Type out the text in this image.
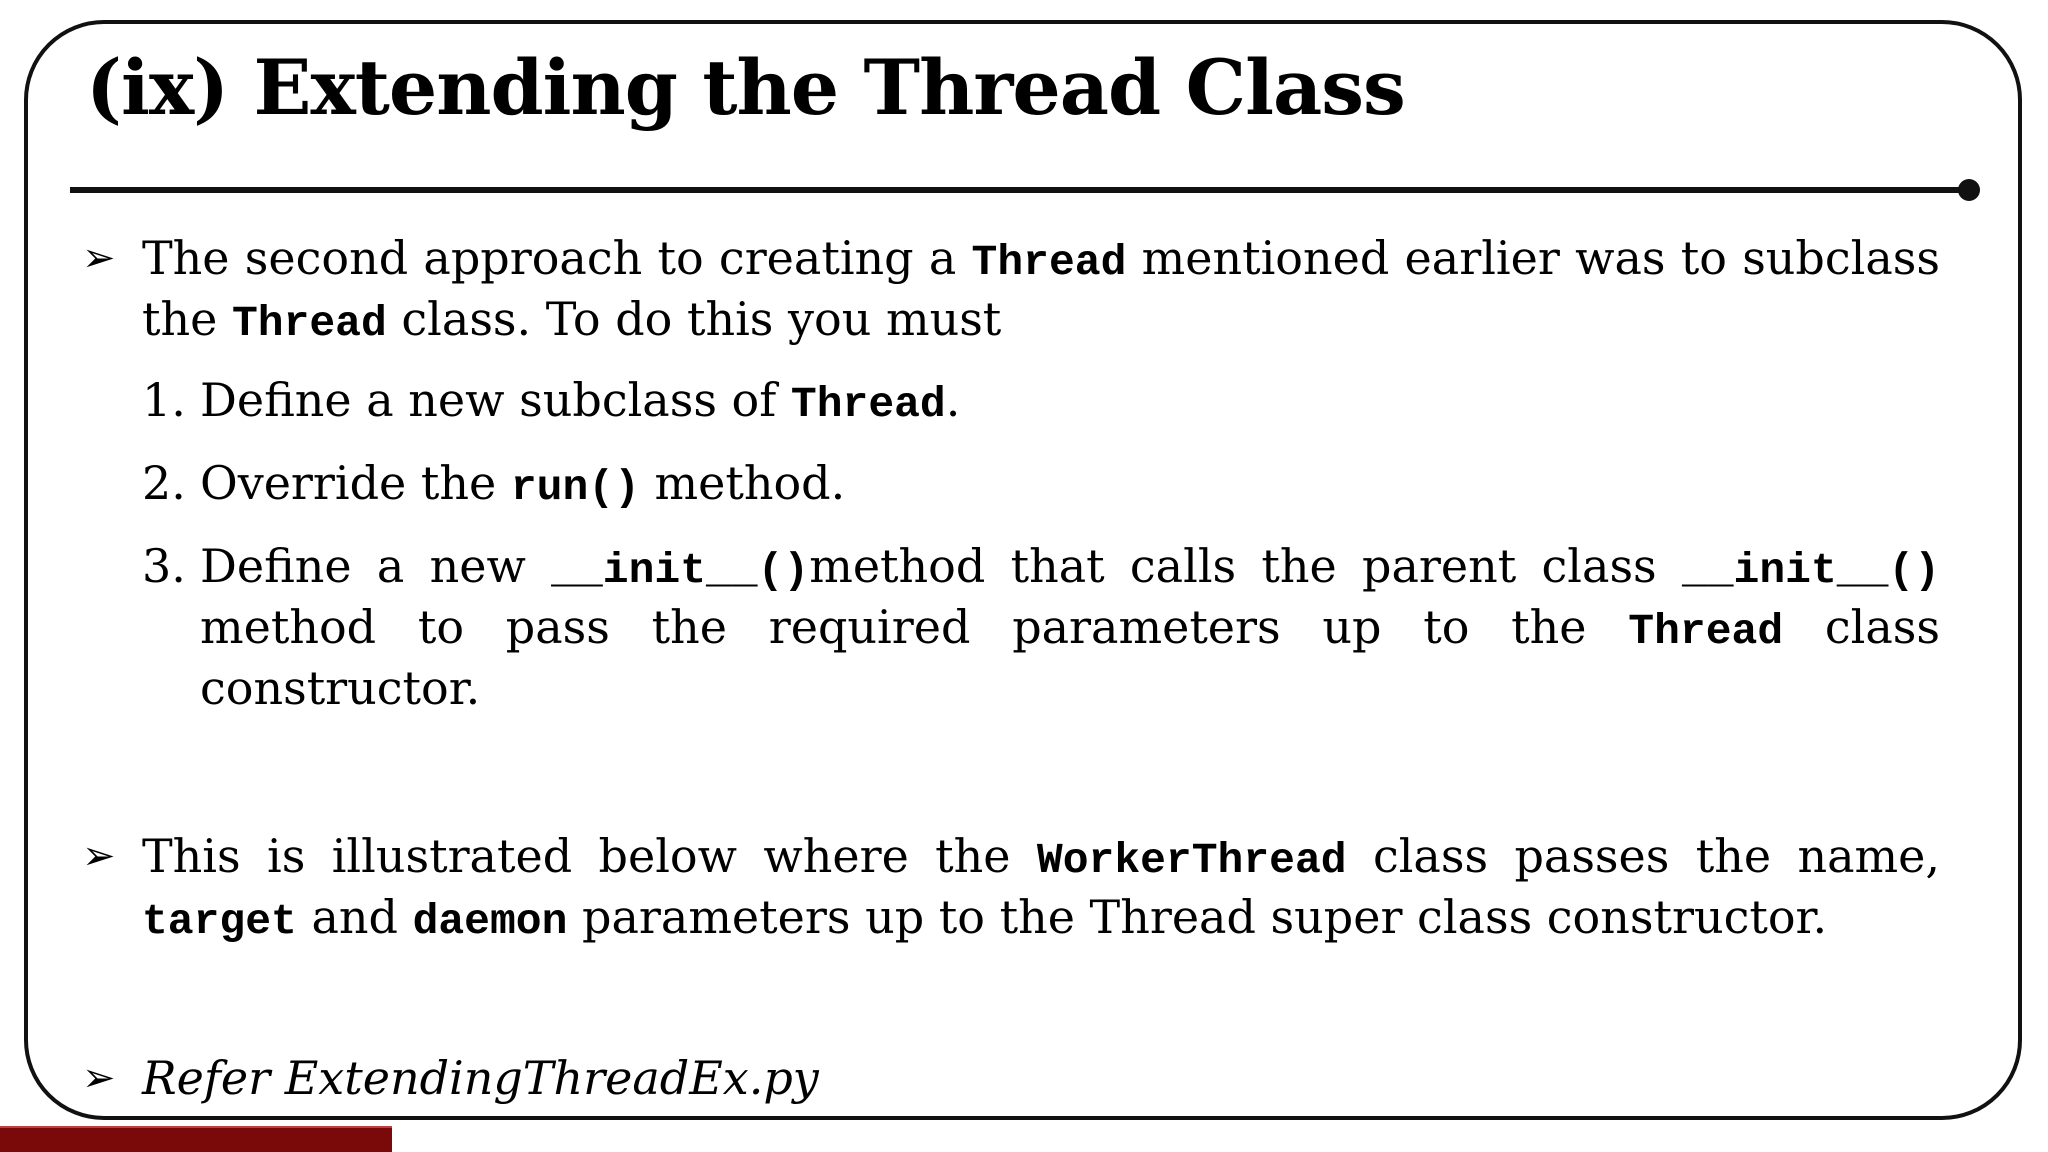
(ix) Extending the Thread Class
➢ The second approach to creating a Thread mentioned earlier was to subclass the Thread class. To do this you must
1. Define a new subclass of Thread.
2. Override the run() method.
3. Define a new __init__()method that calls the parent class __init__() method to pass the required parameters up to the Thread class constructor.
➢ This is illustrated below where the WorkerThread class passes the name, target and daemon parameters up to the Thread super class constructor.
➢ Refer ExtendingThreadEx.py
